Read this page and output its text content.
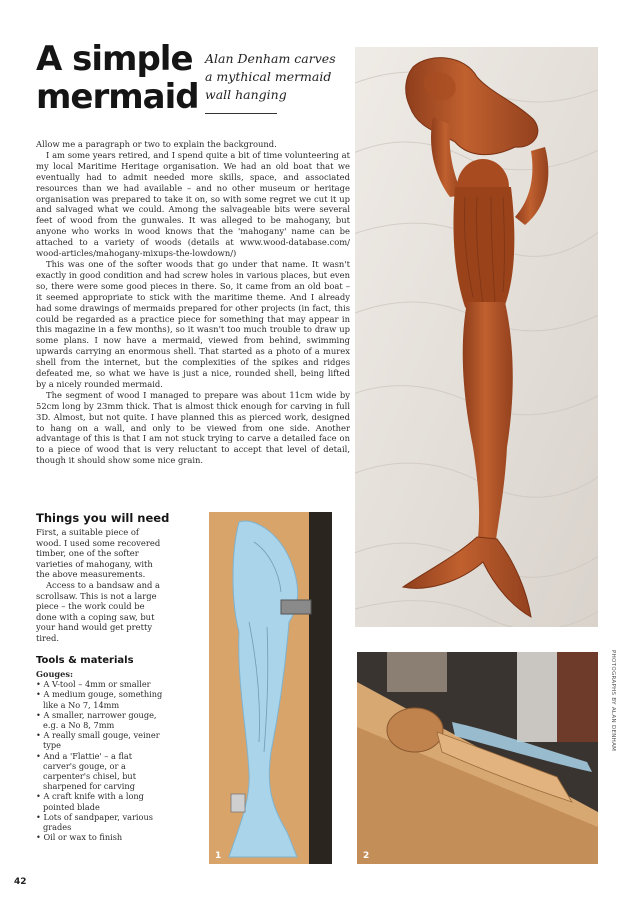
A simple
mermaid

Alan Denham carves a mythical mermaid wall hanging

Allow me a paragraph or two to explain the background.

I am some years retired, and I spend quite a bit of time volunteering at my local Maritime Heritage organisation. We had an old boat that we eventually had to admit needed more skills, space, and associated resources than we had available – and no other museum or heritage organisation was prepared to take it on, so with some regret we cut it up and salvaged what we could. Among the salvageable bits were several feet of wood from the gunwales. It was alleged to be mahogany, but anyone who works in wood knows that the 'mahogany' name can be attached to a variety of woods (details at www.wood-database.com/ wood-articles/mahogany-mixups-the-lowdown/)

This was one of the softer woods that go under that name. It wasn't exactly in good condition and had screw holes in various places, but even so, there were some good pieces in there. So, it came from an old boat – it seemed appropriate to stick with the maritime theme. And I already had some drawings of mermaids prepared for other projects (in fact, this could be regarded as a practice piece for something that may appear in this magazine in a few months), so it wasn't too much trouble to draw up some plans. I now have a mermaid, viewed from behind, swimming upwards carrying an enormous shell. That started as a photo of a murex shell from the internet, but the complexities of the spikes and ridges defeated me, so what we have is just a nice, rounded shell, being lifted by a nicely rounded mermaid.

The segment of wood I managed to prepare was about 11cm wide by 52cm long by 23mm thick. That is almost thick enough for carving in full 3D. Almost, but not quite. I have planned this as pierced work, designed to hang on a wall, and only to be viewed from one side. Another advantage of this is that I am not stuck trying to carve a detailed face on to a piece of wood that is very reluctant to accept that level of detail, though it should show some nice grain.

Things you will need

First, a suitable piece of wood. I used some recovered timber, one of the softer varieties of mahogany, with the above measurements.

Access to a bandsaw and a scrollsaw. This is not a large piece – the work could be done with a coping saw, but your hand would get pretty tired.

Tools & materials
Gouges:
• A V-tool – 4mm or smaller
• A medium gouge, something like a No 7, 14mm
• A smaller, narrower gouge, e.g. a No 8, 7mm
• A really small gouge, veiner type
• And a 'Flattie' – a flat carver's gouge, or a carpenter's chisel, but sharpened for carving
• A craft knife with a long pointed blade
• Lots of sandpaper, various grades
• Oil or wax to finish
1	2
PHOTOGRAPHS BY ALAN DENHAM
42
